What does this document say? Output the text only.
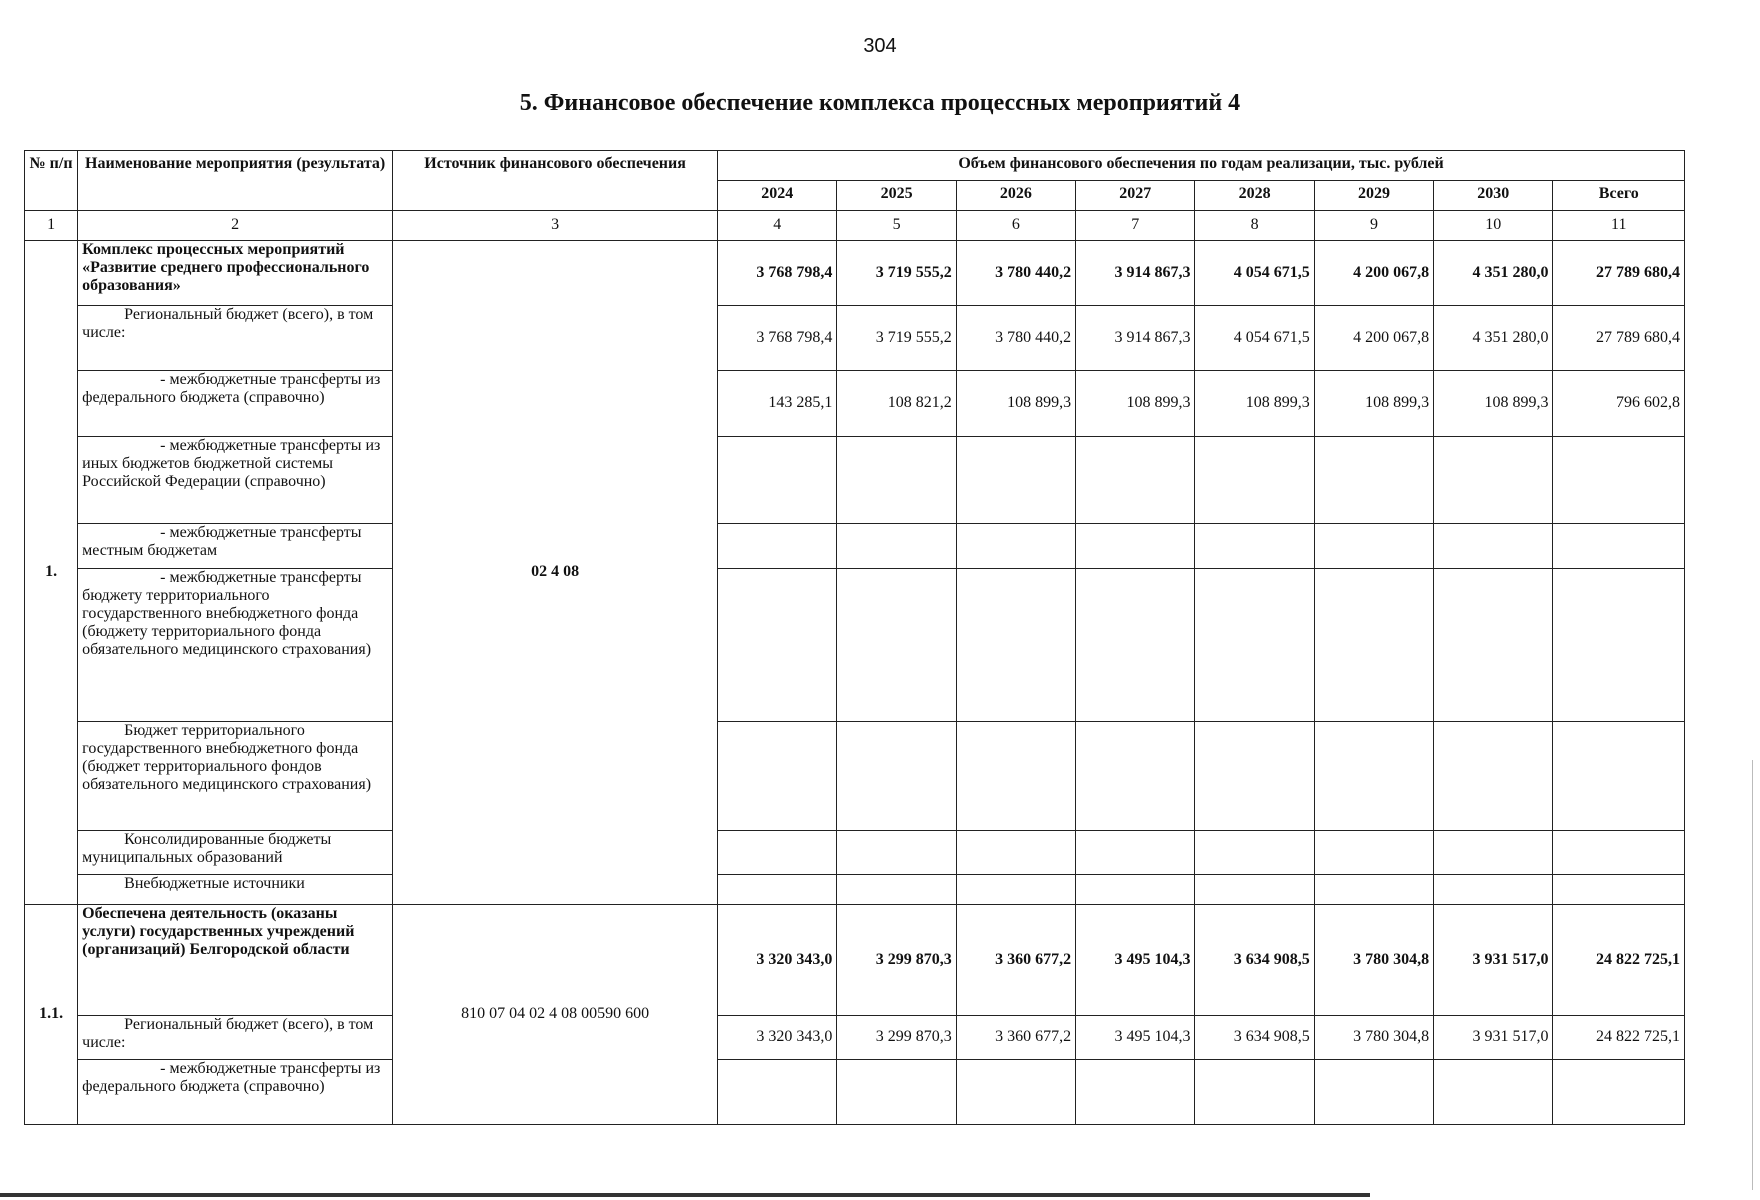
304
5. Финансовое обеспечение комплекса процессных мероприятий 4
№ п/п	Наименование мероприятия (результата)	Источник финансового обеспечения	Объем финансового обеспечения по годам реализации, тыс. рублей							
			2024	2025	2026	2027	2028	2029	2030	Всего
1	2	3	4	5	6	7	8	9	10	11
1.	Комплекс процессных мероприятий «Развитие среднего профессионального образования»	02 4 08	3 768 798,4	3 719 555,2	3 780 440,2	3 914 867,3	4 054 671,5	4 200 067,8	4 351 280,0	27 789 680,4
	Региональный бюджет (всего), в том числе:		3 768 798,4	3 719 555,2	3 780 440,2	3 914 867,3	4 054 671,5	4 200 067,8	4 351 280,0	27 789 680,4
	- межбюджетные трансферты из федерального бюджета (справочно)		143 285,1	108 821,2	108 899,3	108 899,3	108 899,3	108 899,3	108 899,3	796 602,8
	- межбюджетные трансферты из иных бюджетов бюджетной системы Российской Федерации (справочно)									
	- межбюджетные трансферты местным бюджетам									
	- межбюджетные трансферты бюджету территориального государственного внебюджетного фонда (бюджету территориального фонда обязательного медицинского страхования)									
	Бюджет территориального государственного внебюджетного фонда (бюджет территориального фондов обязательного медицинского страхования)									
	Консолидированные бюджеты муниципальных образований									
	Внебюджетные источники									
1.1.	Обеспечена деятельность (оказаны услуги) государственных учреждений (организаций) Белгородской области	810 07 04 02 4 08 00590 600	3 320 343,0	3 299 870,3	3 360 677,2	3 495 104,3	3 634 908,5	3 780 304,8	3 931 517,0	24 822 725,1
	Региональный бюджет (всего), в том числе:		3 320 343,0	3 299 870,3	3 360 677,2	3 495 104,3	3 634 908,5	3 780 304,8	3 931 517,0	24 822 725,1
	- межбюджетные трансферты из федерального бюджета (справочно)									
